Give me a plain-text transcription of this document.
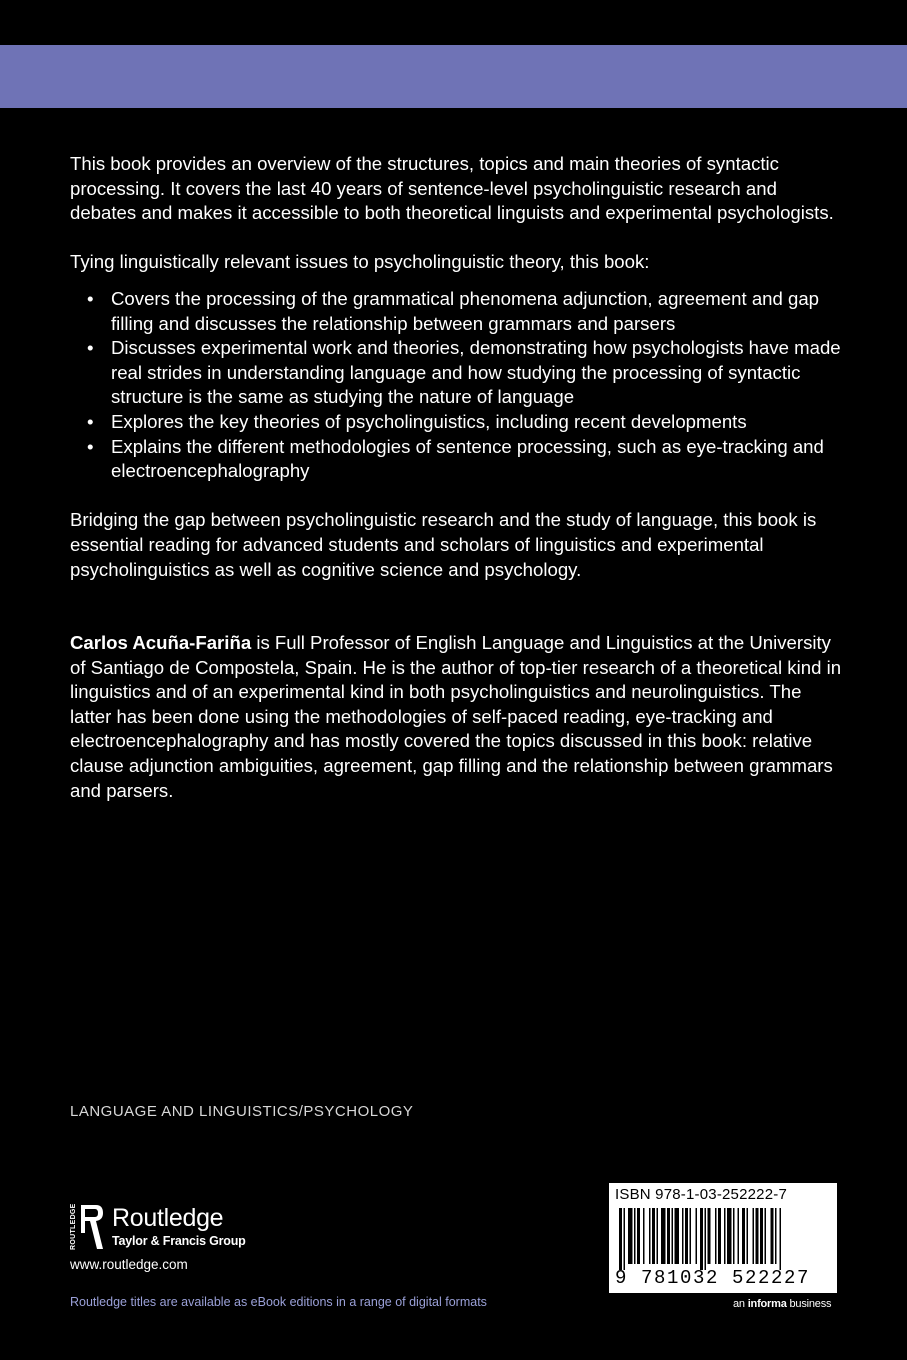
This book provides an overview of the structures, topics and main theories of syntactic processing. It covers the last 40 years of sentence-level psycholinguistic research and debates and makes it accessible to both theoretical linguists and experimental psychologists.

Tying linguistically relevant issues to psycholinguistic theory, this book:

• Covers the processing of the grammatical phenomena adjunction, agreement and gap filling and discusses the relationship between grammars and parsers
• Discusses experimental work and theories, demonstrating how psychologists have made real strides in understanding language and how studying the processing of syntactic structure is the same as studying the nature of language
• Explores the key theories of psycholinguistics, including recent developments
• Explains the different methodologies of sentence processing, such as eye-tracking and electroencephalography

Bridging the gap between psycholinguistic research and the study of language, this book is essential reading for advanced students and scholars of linguistics and experimental psycholinguistics as well as cognitive science and psychology.

Carlos Acuña-Fariña is Full Professor of English Language and Linguistics at the University of Santiago de Compostela, Spain. He is the author of top-tier research of a theoretical kind in linguistics and of an experimental kind in both psycholinguistics and neurolinguistics. The latter has been done using the methodologies of self-paced reading, eye-tracking and electroencephalography and has mostly covered the topics discussed in this book: relative clause adjunction ambiguities, agreement, gap filling and the relationship between grammars and parsers.

LANGUAGE AND LINGUISTICS/PSYCHOLOGY
ROUTLEDGE Routledge
Taylor & Francis Group
www.routledge.com
Routledge titles are available as eBook editions in a range of digital formats
ISBN 978-1-03-252222-7
9 781032 522227
an informa business
